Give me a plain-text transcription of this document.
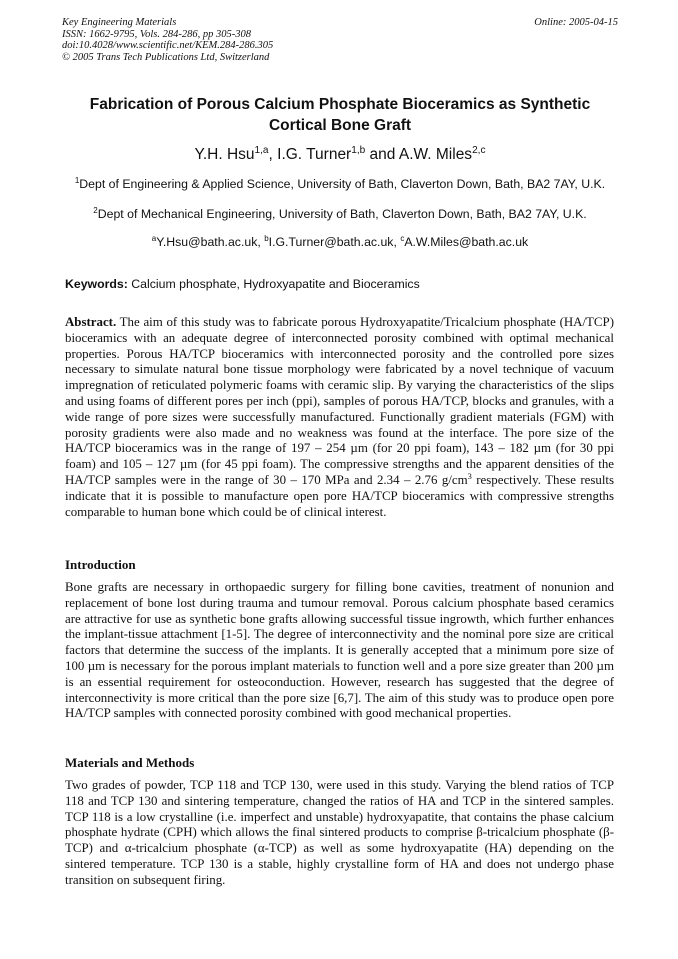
Key Engineering Materials
ISSN: 1662-9795, Vols. 284-286, pp 305-308
doi:10.4028/www.scientific.net/KEM.284-286.305
© 2005 Trans Tech Publications Ltd, Switzerland
Online: 2005-04-15
Fabrication of Porous Calcium Phosphate Bioceramics as Synthetic
Cortical Bone Graft
Y.H. Hsu$^{1,a}$, I.G. Turner$^{1,b}$ and A.W. Miles$^{2,c}$
$^1$Dept of Engineering & Applied Science, University of Bath, Claverton Down, Bath, BA2 7AY, U.K.
$^2$Dept of Mechanical Engineering, University of Bath, Claverton Down, Bath, BA2 7AY, U.K.
$^a$Y.Hsu@bath.ac.uk, $^b$I.G.Turner@bath.ac.uk, $^c$A.W.Miles@bath.ac.uk
Keywords: Calcium phosphate, Hydroxyapatite and Bioceramics
Abstract. The aim of this study was to fabricate porous Hydroxyapatite/Tricalcium phosphate (HA/TCP) bioceramics with an adequate degree of interconnected porosity combined with optimal mechanical properties. Porous HA/TCP bioceramics with interconnected porosity and the controlled pore sizes necessary to simulate natural bone tissue morphology were fabricated by a novel technique of vacuum impregnation of reticulated polymeric foams with ceramic slip. By varying the characteristics of the slips and using foams of different pores per inch (ppi), samples of porous HA/TCP, blocks and granules, with a wide range of pore sizes were successfully manufactured. Functionally gradient materials (FGM) with porosity gradients were also made and no weakness was found at the interface. The pore size of the HA/TCP bioceramics was in the range of 197 – 254 µm (for 20 ppi foam), 143 – 182 µm (for 30 ppi foam) and 105 – 127 µm (for 45 ppi foam). The compressive strengths and the apparent densities of the HA/TCP samples were in the range of 30 – 170 MPa and 2.34 – 2.76 $g/cm^3$ respectively. These results indicate that it is possible to manufacture open pore HA/TCP bioceramics with compressive strengths comparable to human bone which could be of clinical interest.
Introduction
Bone grafts are necessary in orthopaedic surgery for filling bone cavities, treatment of nonunion and replacement of bone lost during trauma and tumour removal. Porous calcium phosphate based ceramics are attractive for use as synthetic bone grafts allowing successful tissue ingrowth, which further enhances the implant-tissue attachment [1-5]. The degree of interconnectivity and the nominal pore size are critical factors that determine the success of the implants. It is generally accepted that a minimum pore size of 100 µm is necessary for the porous implant materials to function well and a pore size greater than 200 µm is an essential requirement for osteoconduction. However, research has suggested that the degree of interconnectivity is more critical than the pore size [6,7]. The aim of this study was to produce open pore HA/TCP samples with connected porosity combined with good mechanical properties.
Materials and Methods
Two grades of powder, TCP 118 and TCP 130, were used in this study. Varying the blend ratios of TCP 118 and TCP 130 and sintering temperature, changed the ratios of HA and TCP in the sintered samples. TCP 118 is a low crystalline (i.e. imperfect and unstable) hydroxyapatite, that contains the phase calcium phosphate hydrate (CPH) which allows the final sintered products to comprise β-tricalcium phosphate (β-TCP) and α-tricalcium phosphate (α-TCP) as well as some hydroxyapatite (HA) depending on the sintered temperature. TCP 130 is a stable, highly crystalline form of HA and does not undergo phase transition on subsequent firing.
